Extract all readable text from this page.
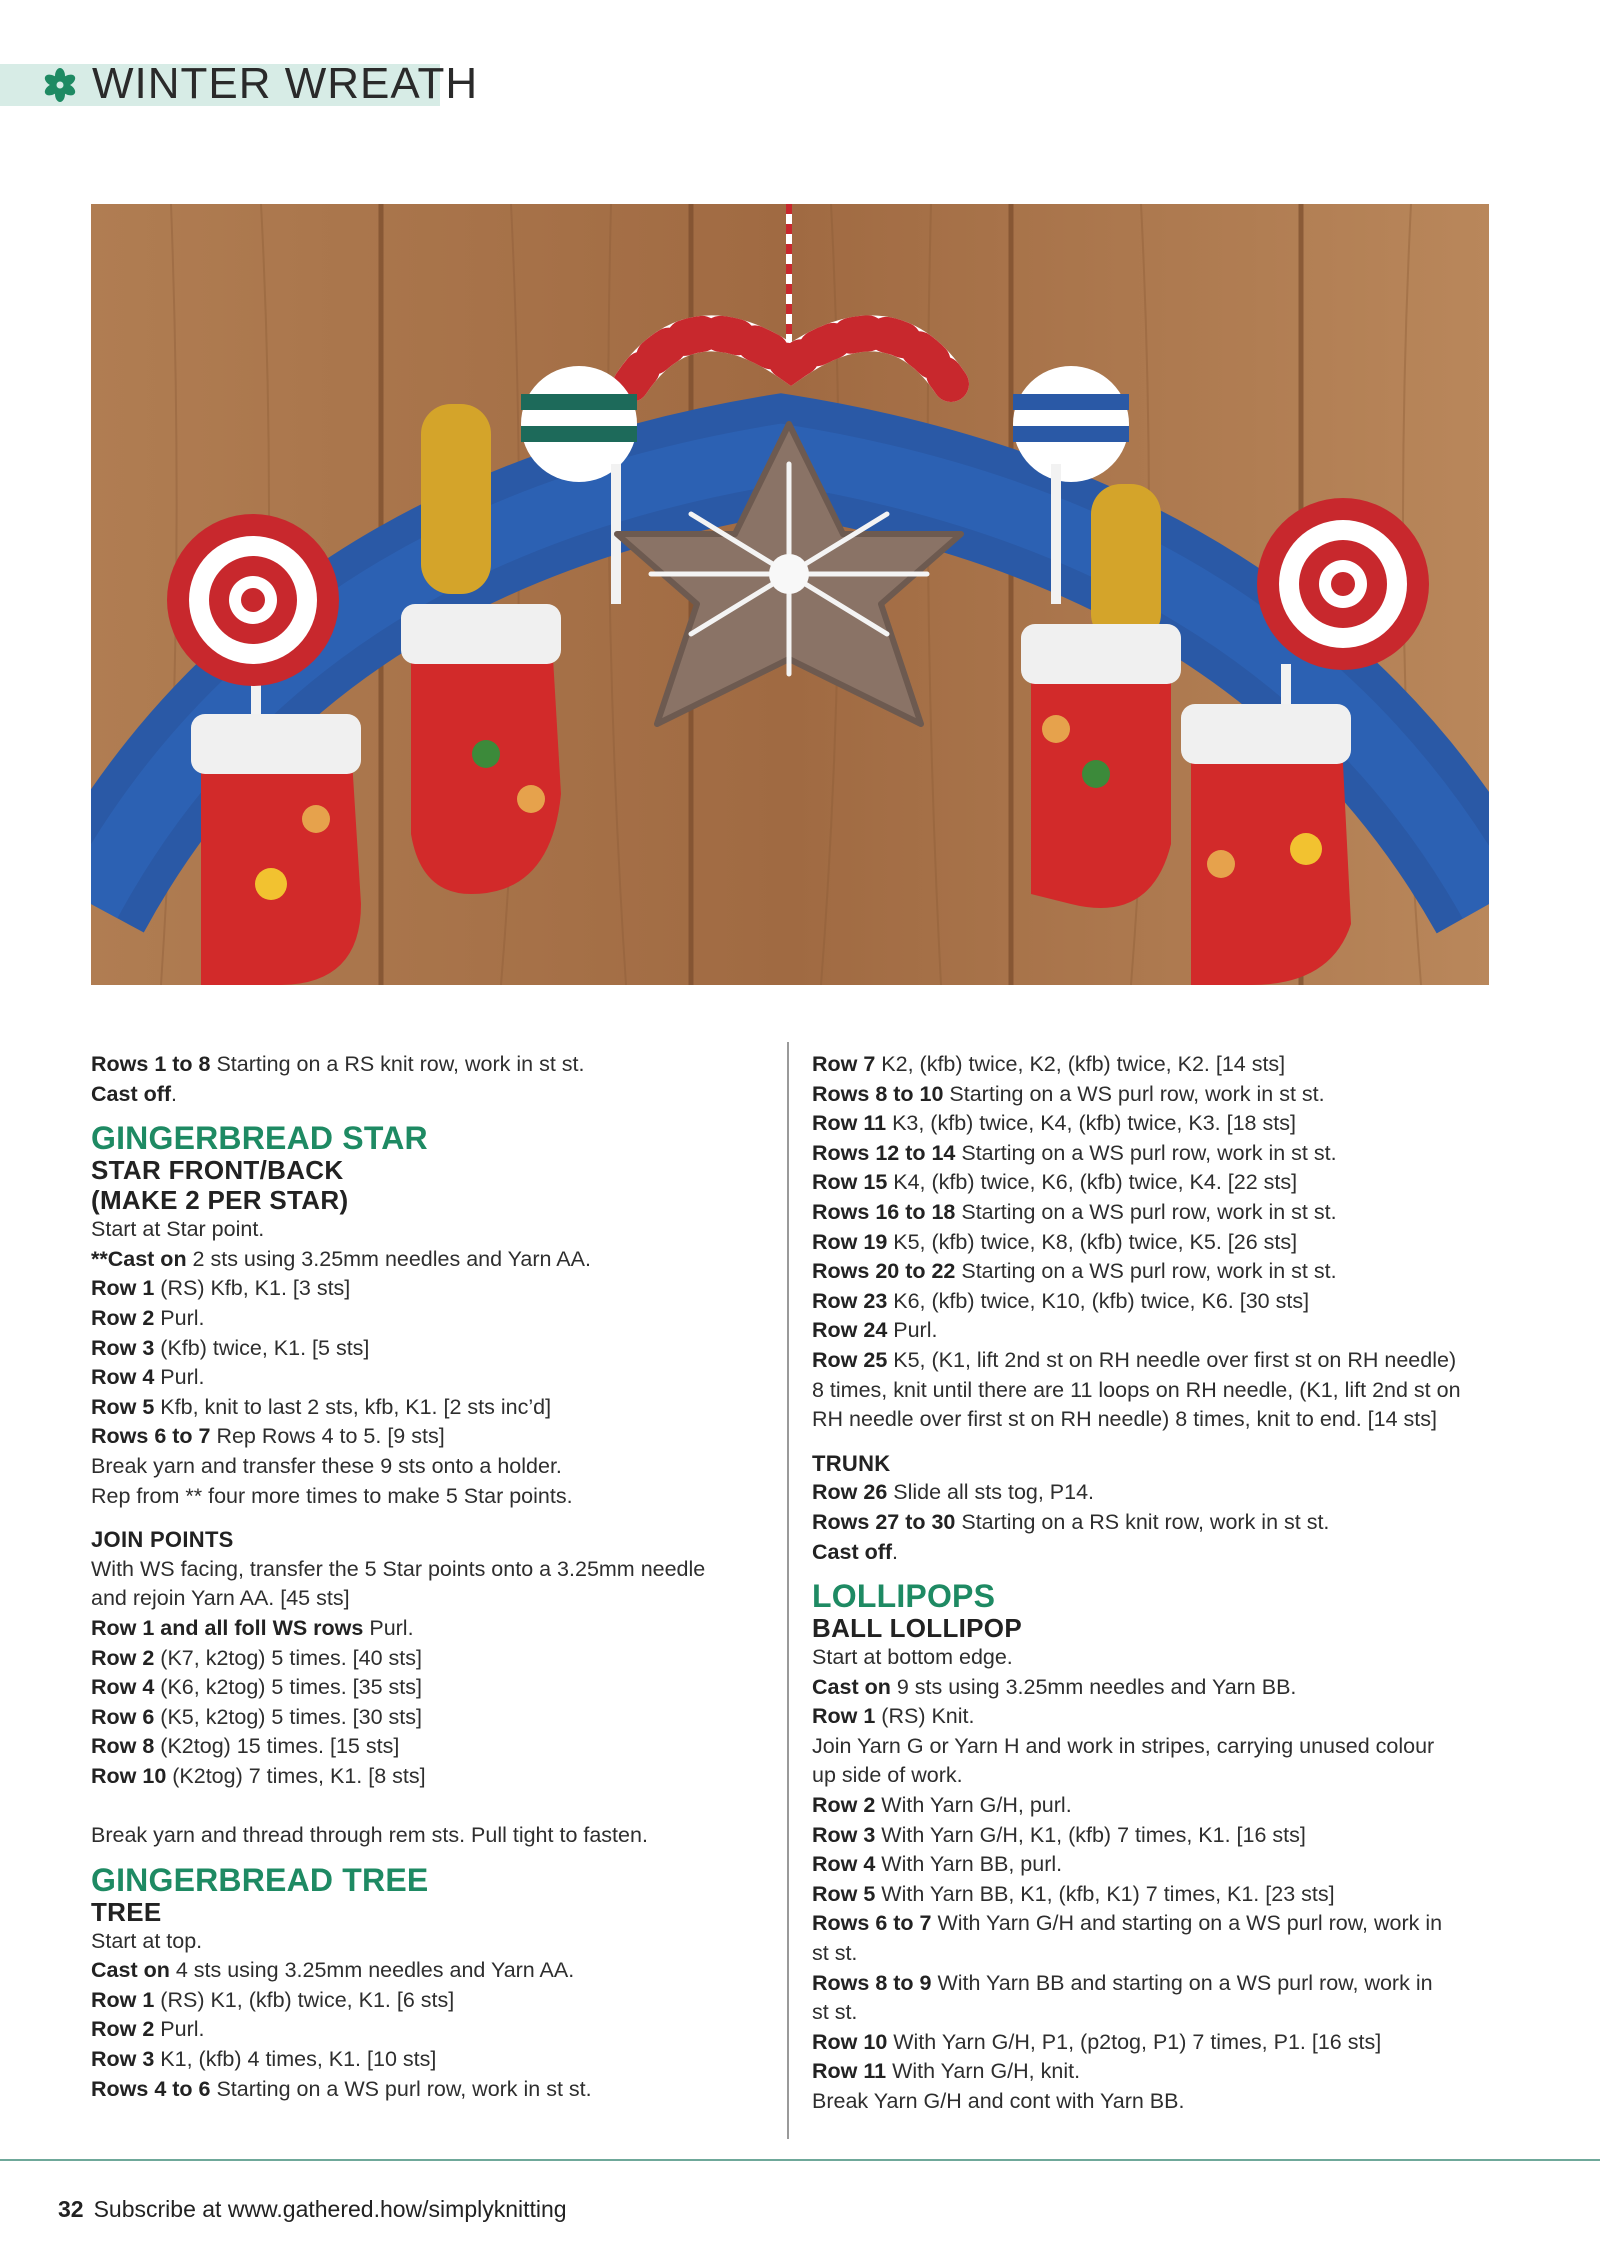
WINTER WREATH

Rows 1 to 8 Starting on a RS knit row, work in st st.

Cast off.

GINGERBREAD STAR
STAR FRONT/BACK
(MAKE 2 PER STAR)

Start at Star point.

**Cast on 2 sts using 3.25mm needles and Yarn AA.

Row 1 (RS) Kfb, K1. [3 sts]

Row 2 Purl.

Row 3 (Kfb) twice, K1. [5 sts]

Row 4 Purl.

Row 5 Kfb, knit to last 2 sts, kfb, K1. [2 sts inc’d]

Rows 6 to 7 Rep Rows 4 to 5. [9 sts]

Break yarn and transfer these 9 sts onto a holder.

Rep from ** four more times to make 5 Star points.

JOIN POINTS

With WS facing, transfer the 5 Star points onto a 3.25mm needle

and rejoin Yarn AA. [45 sts]

Row 1 and all foll WS rows Purl.

Row 2 (K7, k2tog) 5 times. [40 sts]

Row 4 (K6, k2tog) 5 times. [35 sts]

Row 6 (K5, k2tog) 5 times. [30 sts]

Row 8 (K2tog) 15 times. [15 sts]

Row 10 (K2tog) 7 times, K1. [8 sts]

Break yarn and thread through rem sts. Pull tight to fasten.

GINGERBREAD TREE
TREE

Start at top.

Cast on 4 sts using 3.25mm needles and Yarn AA.

Row 1 (RS) K1, (kfb) twice, K1. [6 sts]

Row 2 Purl.

Row 3 K1, (kfb) 4 times, K1. [10 sts]

Rows 4 to 6 Starting on a WS purl row, work in st st.

Row 7 K2, (kfb) twice, K2, (kfb) twice, K2. [14 sts]

Rows 8 to 10 Starting on a WS purl row, work in st st.

Row 11 K3, (kfb) twice, K4, (kfb) twice, K3. [18 sts]

Rows 12 to 14 Starting on a WS purl row, work in st st.

Row 15 K4, (kfb) twice, K6, (kfb) twice, K4. [22 sts]

Rows 16 to 18 Starting on a WS purl row, work in st st.

Row 19 K5, (kfb) twice, K8, (kfb) twice, K5. [26 sts]

Rows 20 to 22 Starting on a WS purl row, work in st st.

Row 23 K6, (kfb) twice, K10, (kfb) twice, K6. [30 sts]

Row 24 Purl.

Row 25 K5, (K1, lift 2nd st on RH needle over first st on RH needle)

8 times, knit until there are 11 loops on RH needle, (K1, lift 2nd st on

RH needle over first st on RH needle) 8 times, knit to end. [14 sts]

TRUNK

Row 26 Slide all sts tog, P14.

Rows 27 to 30 Starting on a RS knit row, work in st st.

Cast off.

LOLLIPOPS
BALL LOLLIPOP

Start at bottom edge.

Cast on 9 sts using 3.25mm needles and Yarn BB.

Row 1 (RS) Knit.

Join Yarn G or Yarn H and work in stripes, carrying unused colour

up side of work.

Row 2 With Yarn G/H, purl.

Row 3 With Yarn G/H, K1, (kfb) 7 times, K1. [16 sts]

Row 4 With Yarn BB, purl.

Row 5 With Yarn BB, K1, (kfb, K1) 7 times, K1. [23 sts]

Rows 6 to 7 With Yarn G/H and starting on a WS purl row, work in

st st.

Rows 8 to 9 With Yarn BB and starting on a WS purl row, work in

st st.

Row 10 With Yarn G/H, P1, (p2tog, P1) 7 times, P1. [16 sts]

Row 11 With Yarn G/H, knit.

Break Yarn G/H and cont with Yarn BB.

32 Subscribe at www.gathered.how/simplyknitting
